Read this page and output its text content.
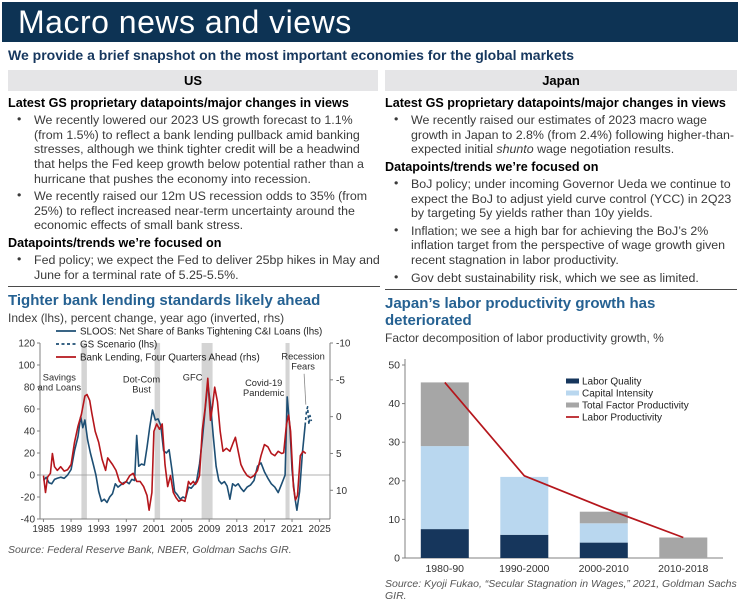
Macro news and views
We provide a brief snapshot on the most important economies for the global markets
US	Japan
Latest GS proprietary datapoints/major changes in views
• We recently lowered our 2023 US growth forecast to 1.1% (from 1.5%) to reflect a bank lending pullback amid banking stresses, although we think tighter credit will be a headwind that helps the Fed keep growth below potential rather than a hurricane that pushes the economy into recession.
• We recently raised our 12m US recession odds to 35% (from 25%) to reflect increased near-term uncertainty around the economic effects of small bank stress.
Datapoints/trends we’re focused on
• Fed policy; we expect the Fed to deliver 25bp hikes in May and June for a terminal rate of 5.25-5.5%.
Tighter bank lending standards likely ahead
Index (lhs), percent change, year ago (inverted, rhs)
120
100
80
60
40
20
0
-20
-40
-10
-5
0
5
10
1985 1989 1993 1997 2001 2005 2009 2013 2017 2021 2025
SLOOS: Net Share of Banks Tightening C&I Loans (lhs)
GS Scenario (lhs)
Bank Lending, Four Quarters Ahead (rhs)
Savings and Loans
Dot-Com Bust
GFC
Covid-19 Pandemic
Recession Fears
Source: Federal Reserve Bank, NBER, Goldman Sachs GIR.
Latest GS proprietary datapoints/major changes in views
• We recently raised our estimates of 2023 macro wage growth in Japan to 2.8% (from 2.4%) following higher-than-expected initial shunto wage negotiation results.
Datapoints/trends we’re focused on
• BoJ policy; under incoming Governor Ueda we continue to expect the BoJ to adjust yield curve control (YCC) in 2Q23 by targeting 5y yields rather than 10y yields.
• Inflation; we see a high bar for achieving the BoJ’s 2% inflation target from the perspective of wage growth given recent stagnation in labor productivity.
• Gov debt sustainability risk, which we see as limited.
Japan’s labor productivity growth has deteriorated
Factor decomposition of labor productivity growth, %
0
10
20
30
40
50
1980-90	1990-2000	2000-2010	2010-2018
Labor Quality
Capital Intensity
Total Factor Productivity
Labor Productivity
Source: Kyoji Fukao, “Secular Stagnation in Wages,” 2021, Goldman Sachs GIR.
